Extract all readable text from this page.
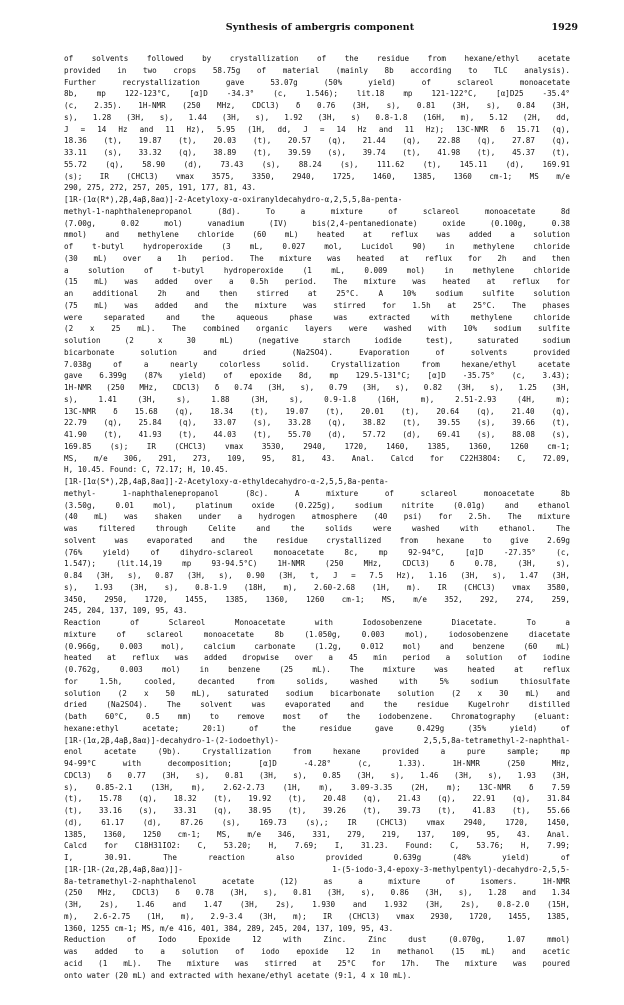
Synthesis of ambergris component	1929
of solvents followed by crystallization of the residue from hexane/ethyl acetate
provided in two crops 58.75g of material (mainly 8b according to TLC analysis).
Further recrystallization gave 53.07g (50% yield) of sclareol monoacetate
8b, mp 122-123°C, [α]D -34.3° (c, 1.546); lit.18 mp 121-122°C, [α]D25 -35.4°
(c, 2.35). 1H-NMR (250 MHz, CDCl3) δ 0.76 (3H, s), 0.81 (3H, s), 0.84 (3H,
s), 1.28 (3H, s), 1.44 (3H, s), 1.92 (3H, s) 0.8-1.8 (16H, m), 5.12 (2H, dd,
J = 14 Hz and 11 Hz), 5.95 (1H, dd, J = 14 Hz and 11 Hz); 13C-NMR δ 15.71 (q),
18.36 (t), 19.87 (t), 20.03 (t), 20.57 (q), 21.44 (q), 22.88 (q), 27.87 (q),
33.11 (s), 33.32 (q), 38.89 (t), 39.59 (s), 39.74 (t), 41.98 (t), 45.37 (t),
55.72 (q), 58.90 (d), 73.43 (s), 88.24 (s), 111.62 (t), 145.11 (d), 169.91
(s); IR (CHCl3) vmax 3575, 3350, 2940, 1725, 1460, 1385, 1360 cm-1; MS m/e
290, 275, 272, 257, 205, 191, 177, 81, 43.
[1R-(1α(R*),2β,4aβ,8aα)]-2-Acetyloxy-α-oxiranyldecahydro-α,2,5,5,8a-penta-
methyl-1-naphthalenepropanol (8d). To a mixture of sclareol monoacetate 8d
(7.00g, 0.02 mol) vanadium (IV) bis(2,4-pentanedionate) oxide (0.100g, 0.38
mmol) and methylene chloride (60 mL) heated at reflux was added a solution
of t-butyl hydroperoxide (3 mL, 0.027 mol, Lucidol 90) in methylene chloride
(30 mL) over a 1h period. The mixture was heated at reflux for 2h and then
a solution of t-butyl hydroperoxide (1 mL, 0.009 mol) in methylene chloride
(15 mL) was added over a 0.5h period. The mixture was heated at reflux for
an additional 2h and then stirred at 25°C. A 10% sodium sulfite solution
(75 mL) was added and the mixture was stirred for 1.5h at 25°C. The phases
were separated and the aqueous phase was extracted with methylene chloride
(2 x 25 mL). The combined organic layers were washed with 10% sodium sulfite
solution (2 x 30 mL) (negative starch iodide test), saturated sodium
bicarbonate solution and dried (Na2SO4). Evaporation of solvents provided
7.038g of a nearly colorless solid. Crystallization from hexane/ethyl acetate
gave 6.399g (87% yield) of epoxide 8d, mp 129.5-131°C; [α]D -35.75° (c, 3.43);
1H-NMR (250 MHz, CDCl3) δ 0.74 (3H, s), 0.79 (3H, s), 0.82 (3H, s), 1.25 (3H,
s), 1.41 (3H, s), 1.88 (3H, s), 0.9-1.8 (16H, m), 2.51-2.93 (4H, m);
13C-NMR δ 15.68 (q), 18.34 (t), 19.07 (t), 20.01 (t), 20.64 (q), 21.40 (q),
22.79 (q), 25.84 (q), 33.07 (s), 33.28 (q), 38.82 (t), 39.55 (s), 39.66 (t),
41.90 (t), 41.93 (t), 44.03 (t), 55.70 (d), 57.72 (d), 69.41 (s), 88.08 (s),
169.85 (s); IR (CHCl3) vmax 3530, 2940, 1720, 1460, 1385, 1360, 1260 cm-1;
MS, m/e 306, 291, 273, 109, 95, 81, 43. Anal. Calcd for C22H38O4: C, 72.09,
H, 10.45. Found: C, 72.17; H, 10.45.
[1R-[1α(S*),2β,4aβ,8aα]]-2-Acetyloxy-α-ethyldecahydro-α-2,5,5,8a-penta-
methyl- 1-naphthalenepropanol (8c). A mixture of sclareol monoacetate 8b
(3.50g, 0.01 mol), platinum oxide (0.225g), sodium nitrite (0.01g) and ethanol
(40 mL) was shaken under a hydrogen atmosphere (40 psi) for 2.5h. The mixture
was filtered through Celite and the solids were washed with ethanol. The
solvent was evaporated and the residue crystallized from hexane to give 2.69g
(76% yield) of dihydro-sclareol monoacetate 8c, mp 92-94°C, [α]D -27.35° (c,
1.547); (lit.14,19 mp 93-94.5°C) 1H-NMR (250 MHz, CDCl3) δ 0.78, (3H, s),
0.84 (3H, s), 0.87 (3H, s), 0.90 (3H, t, J = 7.5 Hz), 1.16 (3H, s), 1.47 (3H,
s), 1.93 (3H, s), 0.8-1.9 (18H, m), 2.60-2.68 (1H, m). IR (CHCl3) vmax 3580,
3450, 2950, 1720, 1455, 1385, 1360, 1260 cm-1; MS, m/e 352, 292, 274, 259,
245, 204, 137, 109, 95, 43.
Reaction of Sclareol Monoacetate with Iodosobenzene Diacetate. To a
mixture of sclareol monoacetate 8b (1.050g, 0.003 mol), iodosobenzene diacetate
(0.966g, 0.003 mol), calcium carbonate (1.2g, 0.012 mol) and benzene (60 mL)
heated at reflux was added dropwise over a 45 min period a solution of iodine
(0.762g, 0.003 mol) in benzene (25 mL). The mixture was heated at reflux
for 1.5h, cooled, decanted from solids, washed with 5% sodium thiosulfate
solution (2 x 50 mL), saturated sodium bicarbonate solution (2 x 30 mL) and
dried (Na2SO4). The solvent was evaporated and the residue Kugelrohr distilled
(bath 60°C, 0.5 mm) to remove most of the iodobenzene. Chromatography (eluant:
hexane:ethyl acetate; 20:1) of the residue gave 0.429g (35% yield) of
[1R-(1α,2β,4aβ,8aα)]-decahydro-1-(2-iodoethyl)- 2,5,5,8a-tetramethyl-2-naphthal-
enol acetate (9b). Crystallization from hexane provided a pure sample; mp
94-99°C with decomposition; [α]D -4.28° (c, 1.33). 1H-NMR (250 MHz,
CDCl3) δ 0.77 (3H, s), 0.81 (3H, s), 0.85 (3H, s), 1.46 (3H, s), 1.93 (3H,
s), 0.85-2.1 (13H, m), 2.62-2.73 (1H, m), 3.09-3.35 (2H, m); 13C-NMR δ 7.59
(t), 15.78 (q), 18.32 (t), 19.92 (t), 20.48 (q), 21.43 (q), 22.91 (q), 31.84
(t), 33.16 (s), 33.31 (q), 38.95 (t), 39.26 (t), 39.73 (t), 41.83 (t), 55.66
(d), 61.17 (d), 87.26 (s), 169.73 (s),; IR (CHCl3) vmax 2940, 1720, 1450,
1385, 1360, 1250 cm-1; MS, m/e 346, 331, 279, 219, 137, 109, 95, 43. Anal.
Calcd for C18H31IO2: C, 53.20; H, 7.69; I, 31.23. Found: C, 53.76; H, 7.99;
I, 30.91. The reaction also provided 0.639g (48% yield) of
[1R-[1R-(2α,2β,4aβ,8aα)]]- 1-(5-iodo-3,4-epoxy-3-methylpentyl)-decahydro-2,5,5-
8a-tetramethyl-2-naphthalenol acetate (12) as a mixture of isomers. 1H-NMR
(250 MHz, CDCl3) δ 0.78 (3H, s), 0.81 (3H, s), 0.86 (3H, s), 1.28 and 1.34
(3H, 2s), 1.46 and 1.47 (3H, 2s), 1.930 and 1.932 (3H, 2s), 0.8-2.0 (15H,
m), 2.6-2.75 (1H, m), 2.9-3.4 (3H, m); IR (CHCl3) vmax 2930, 1720, 1455, 1385,
1360, 1255 cm-1; MS, m/e 416, 401, 384, 289, 245, 204, 137, 109, 95, 43.
Reduction of Iodo Epoxide 12 with Zinc. Zinc dust (0.070g, 1.07 mmol)
was added to a solution of iodo epoxide 12 in methanol (15 mL) and acetic
acid (1 mL). The mixture was stirred at 25°C for 17h. The mixture was poured
onto water (20 mL) and extracted with hexane/ethyl acetate (9:1, 4 x 10 mL).
